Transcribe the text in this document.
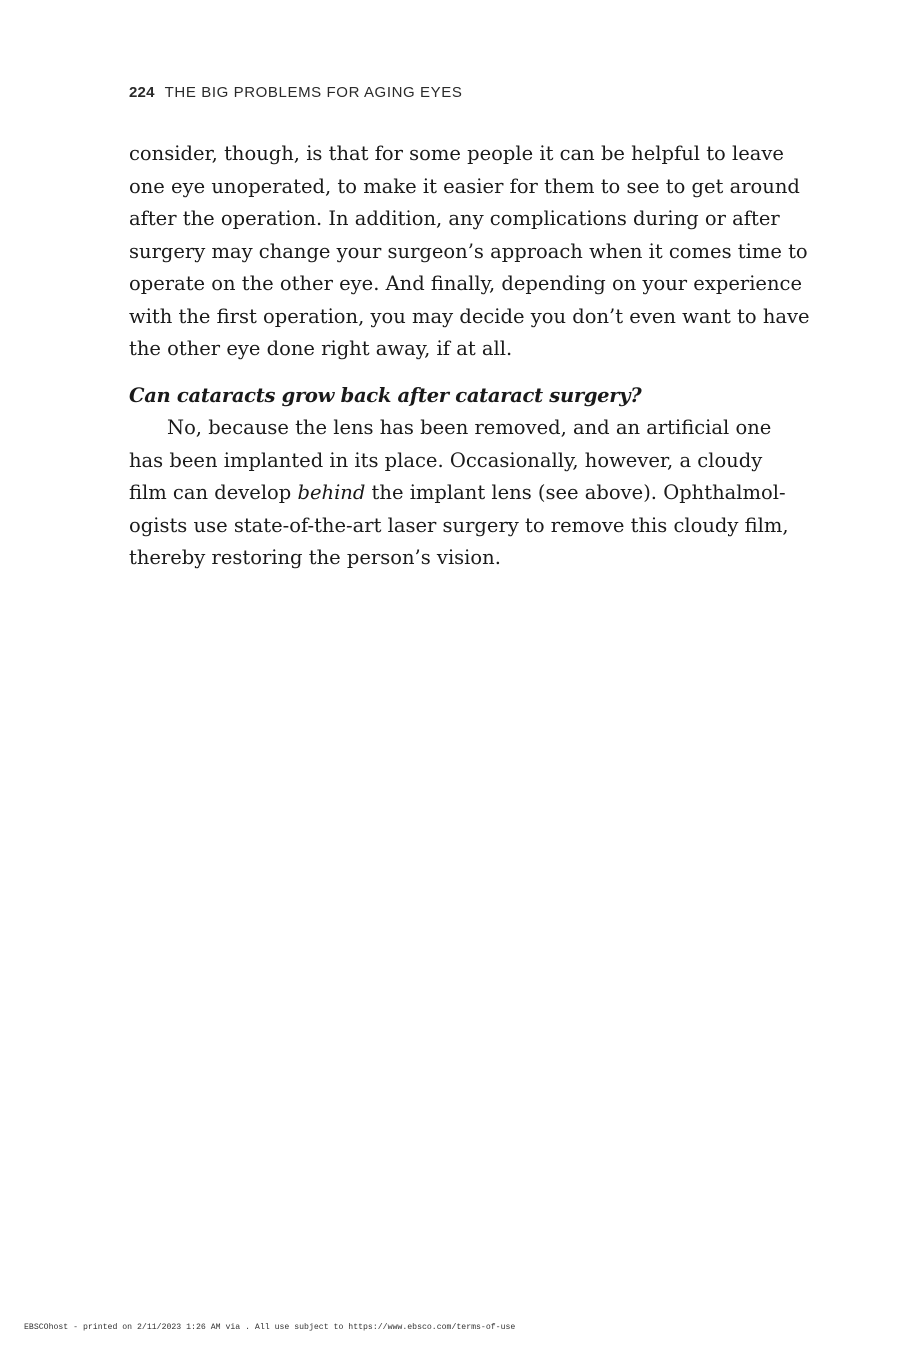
224 THE BIG PROBLEMS FOR AGING EYES
consider, though, is that for some people it can be helpful to leave
one eye unoperated, to make it easier for them to see to get around
after the operation. In addition, any complications during or after
surgery may change your surgeon’s approach when it comes time to
operate on the other eye. And finally, depending on your experience
with the first operation, you may decide you don’t even want to have
the other eye done right away, if at all.
Can cataracts grow back after cataract surgery?
No, because the lens has been removed, and an artificial one
has been implanted in its place. Occasionally, however, a cloudy
film can develop behind the implant lens (see above). Ophthalmol-
ogists use state-of-the-art laser surgery to remove this cloudy film,
thereby restoring the person’s vision.
EBSCOhost - printed on 2/11/2023 1:26 AM via . All use subject to https://www.ebsco.com/terms-of-use
